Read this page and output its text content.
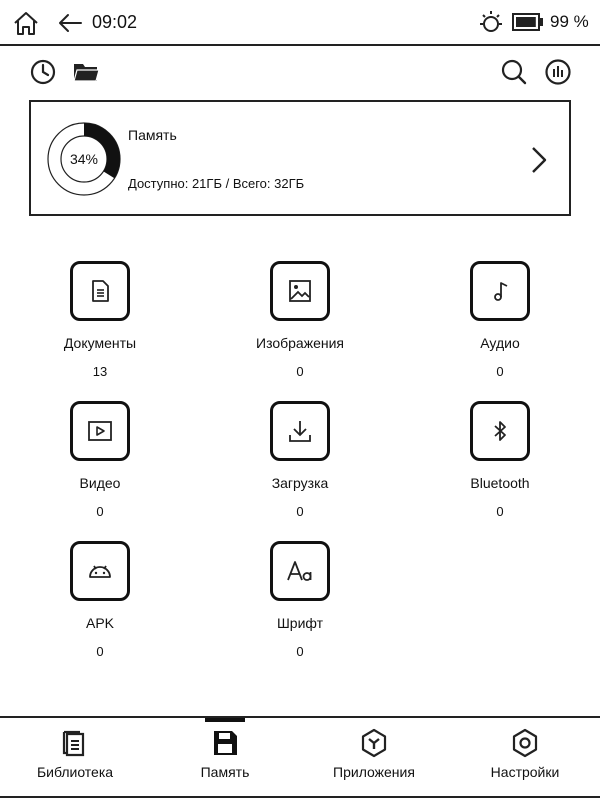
09:02	99 %
34%
Память
Доступно: 21ГБ / Всего: 32ГБ
Документы
13
Изображения
0
Аудио
0
Видео
0
Загрузка
0
Bluetooth
0
APK
0
Шрифт
0
Библиотека	Память	Приложения	Настройки
